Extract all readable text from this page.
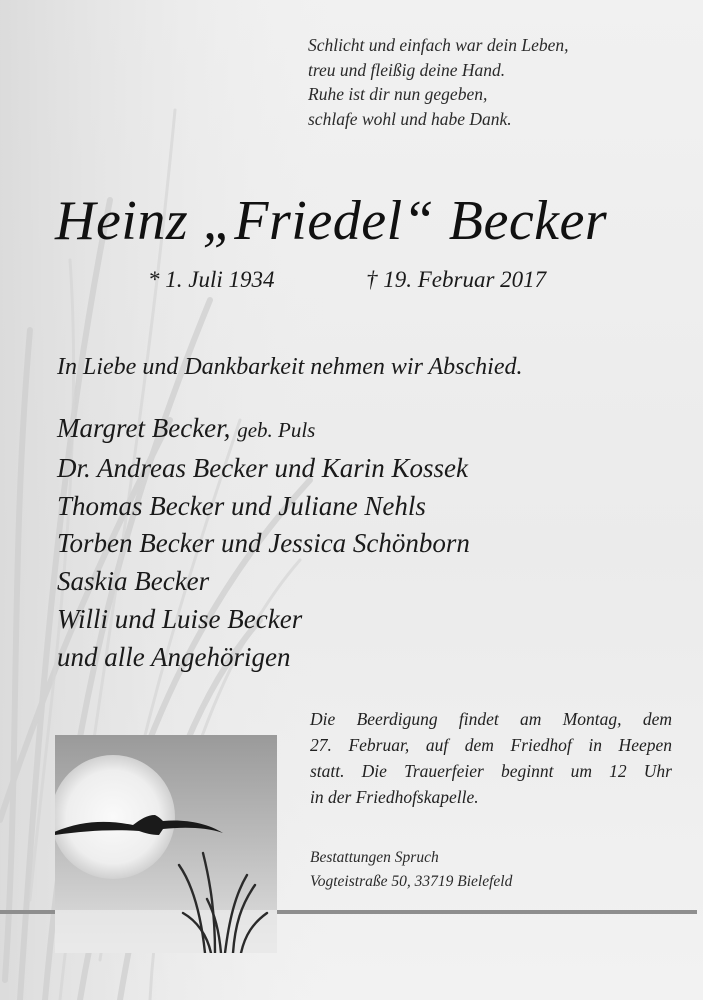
Schlicht und einfach war dein Leben,
treu und fleißig deine Hand.
Ruhe ist dir nun gegeben,
schlafe wohl und habe Dank.
Heinz „Friedel“ Becker
* 1. Juli 1934	† 19. Februar 2017
In Liebe und Dankbarkeit nehmen wir Abschied.
Margret Becker, geb. Puls
Dr. Andreas Becker und Karin Kossek
Thomas Becker und Juliane Nehls
Torben Becker und Jessica Schönborn
Saskia Becker
Willi und Luise Becker
und alle Angehörigen
Die Beerdigung findet am Montag, dem
27. Februar, auf dem Friedhof in Heepen
statt. Die Trauerfeier beginnt um 12 Uhr
in der Friedhofskapelle.
Bestattungen Spruch
Vogteistraße 50, 33719 Bielefeld
